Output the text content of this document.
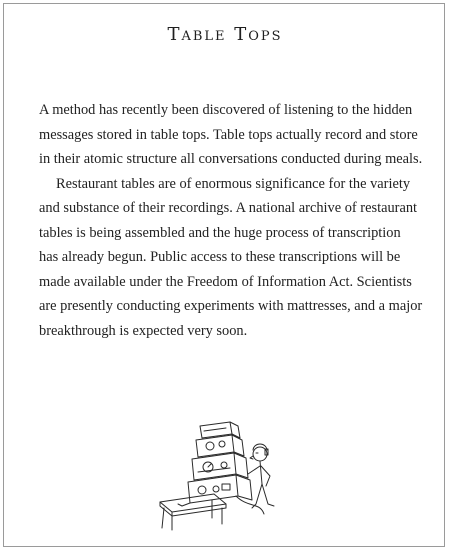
Table Tops

A method has recently been discovered of listening to the hidden messages stored in table tops. Table tops actually record and store in their atomic structure all conversations conducted during meals.

Restaurant tables are of enormous significance for the variety and substance of their recordings. A national archive of restaurant tables is being assembled and the huge process of transcription has already begun. Public access to these transcriptions will be made available under the Freedom of Information Act. Scientists are presently conducting experiments with mattresses, and a major breakthrough is expected very soon.
